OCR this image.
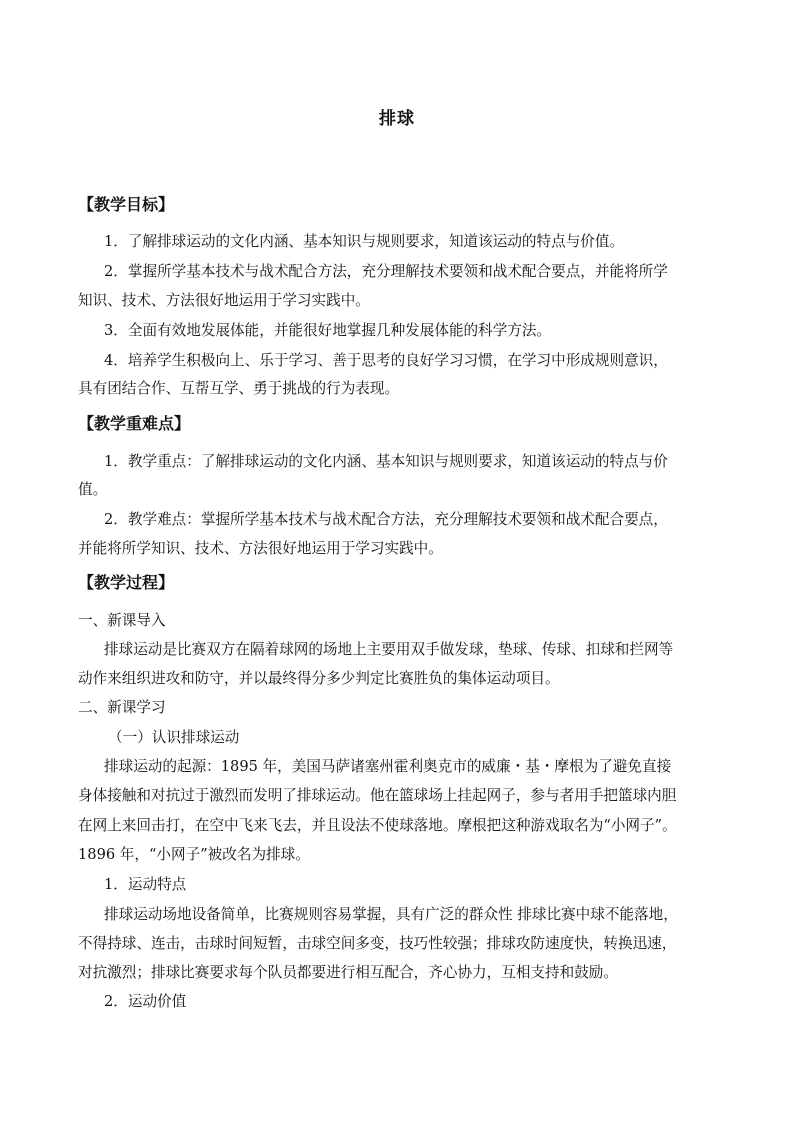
排球
【教学目标】
1．了解排球运动的文化内涵、基本知识与规则要求，知道该运动的特点与价值。
2．掌握所学基本技术与战术配合方法，充分理解技术要领和战术配合要点，并能将所学
知识、技术、方法很好地运用于学习实践中。
3．全面有效地发展体能，并能很好地掌握几种发展体能的科学方法。
4．培养学生积极向上、乐于学习、善于思考的良好学习习惯，在学习中形成规则意识，
具有团结合作、互帮互学、勇于挑战的行为表现。
【教学重难点】
1．教学重点：了解排球运动的文化内涵、基本知识与规则要求，知道该运动的特点与价
值。
2．教学难点：掌握所学基本技术与战术配合方法，充分理解技术要领和战术配合要点，
并能将所学知识、技术、方法很好地运用于学习实践中。
【教学过程】
一、新课导入
排球运动是比赛双方在隔着球网的场地上主要用双手做发球，垫球、传球、扣球和拦网等
动作来组织进攻和防守，并以最终得分多少判定比赛胜负的集体运动项目。
二、新课学习
（一）认识排球运动
排球运动的起源：1895 年，美国马萨诸塞州霍利奥克市的威廉・基・摩根为了避免直接
身体接触和对抗过于激烈而发明了排球运动。他在篮球场上挂起网子，参与者用手把篮球内胆
在网上来回击打，在空中飞来飞去，并且设法不使球落地。摩根把这种游戏取名为“小网子”。
1896 年，“小网子”被改名为排球。
1．运动特点
排球运动场地设备简单，比赛规则容易掌握，具有广泛的群众性 排球比赛中球不能落地，
不得持球、连击，击球时间短暂，击球空间多变，技巧性较强；排球攻防速度快，转换迅速，
对抗激烈；排球比赛要求每个队员都要进行相互配合，齐心协力，互相支持和鼓励。
2．运动价值
